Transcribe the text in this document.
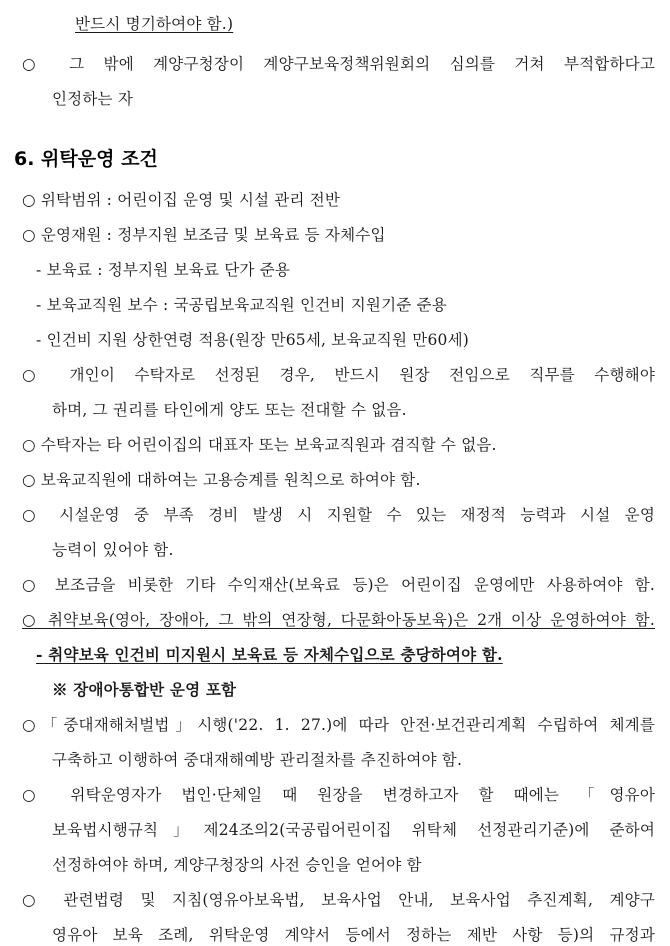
반드시 명기하여야 함.)
○ 그 밖에 계양구청장이 계양구보육정책위원회의 심의를 거쳐 부적합하다고
인정하는 자
6. 위탁운영 조건
○ 위탁범위 : 어린이집 운영 및 시설 관리 전반
○ 운영재원 : 정부지원 보조금 및 보육료 등 자체수입
- 보육료 : 정부지원 보육료 단가 준용
- 보육교직원 보수 : 국공립보육교직원 인건비 지원기준 준용
- 인건비 지원 상한연령 적용(원장 만65세, 보육교직원 만60세)
○ 개인이 수탁자로 선정된 경우, 반드시 원장 전임으로 직무를 수행해야
하며, 그 권리를 타인에게 양도 또는 전대할 수 없음.
○ 수탁자는 타 어린이집의 대표자 또는 보육교직원과 겸직할 수 없음.
○ 보육교직원에 대하여는 고용승계를 원칙으로 하여야 함.
○ 시설운영 중 부족 경비 발생 시 지원할 수 있는 재정적 능력과 시설 운영
능력이 있어야 함.
○ 보조금을 비롯한 기타 수익재산(보육료 등)은 어린이집 운영에만 사용하여야 함.
○ 취약보육(영아, 장애아, 그 밖의 연장형, 다문화아동보육)은 2개 이상 운영하여야 함.
- 취약보육 인건비 미지원시 보육료 등 자체수입으로 충당하여야 함.
※ 장애아통합반 운영 포함
○「중대재해처벌법」시행('22. 1. 27.)에 따라 안전·보건관리계획 수립하여 체계를
구축하고 이행하여 중대재해예방 관리절차를 추진하여야 함.
○ 위탁운영자가 법인·단체일 때 원장을 변경하고자 할 때에는 「영유아
보육법시행규칙」제24조의2(국공립어린이집 위탁체 선정관리기준)에 준하여
선정하여야 하며, 계양구청장의 사전 승인을 얻어야 함
○ 관련법령 및 지침(영유아보육법, 보육사업 안내, 보육사업 추진계획, 계양구
영유아 보육 조례, 위탁운영 계약서 등에서 정하는 제반 사항 등)의 규정과
